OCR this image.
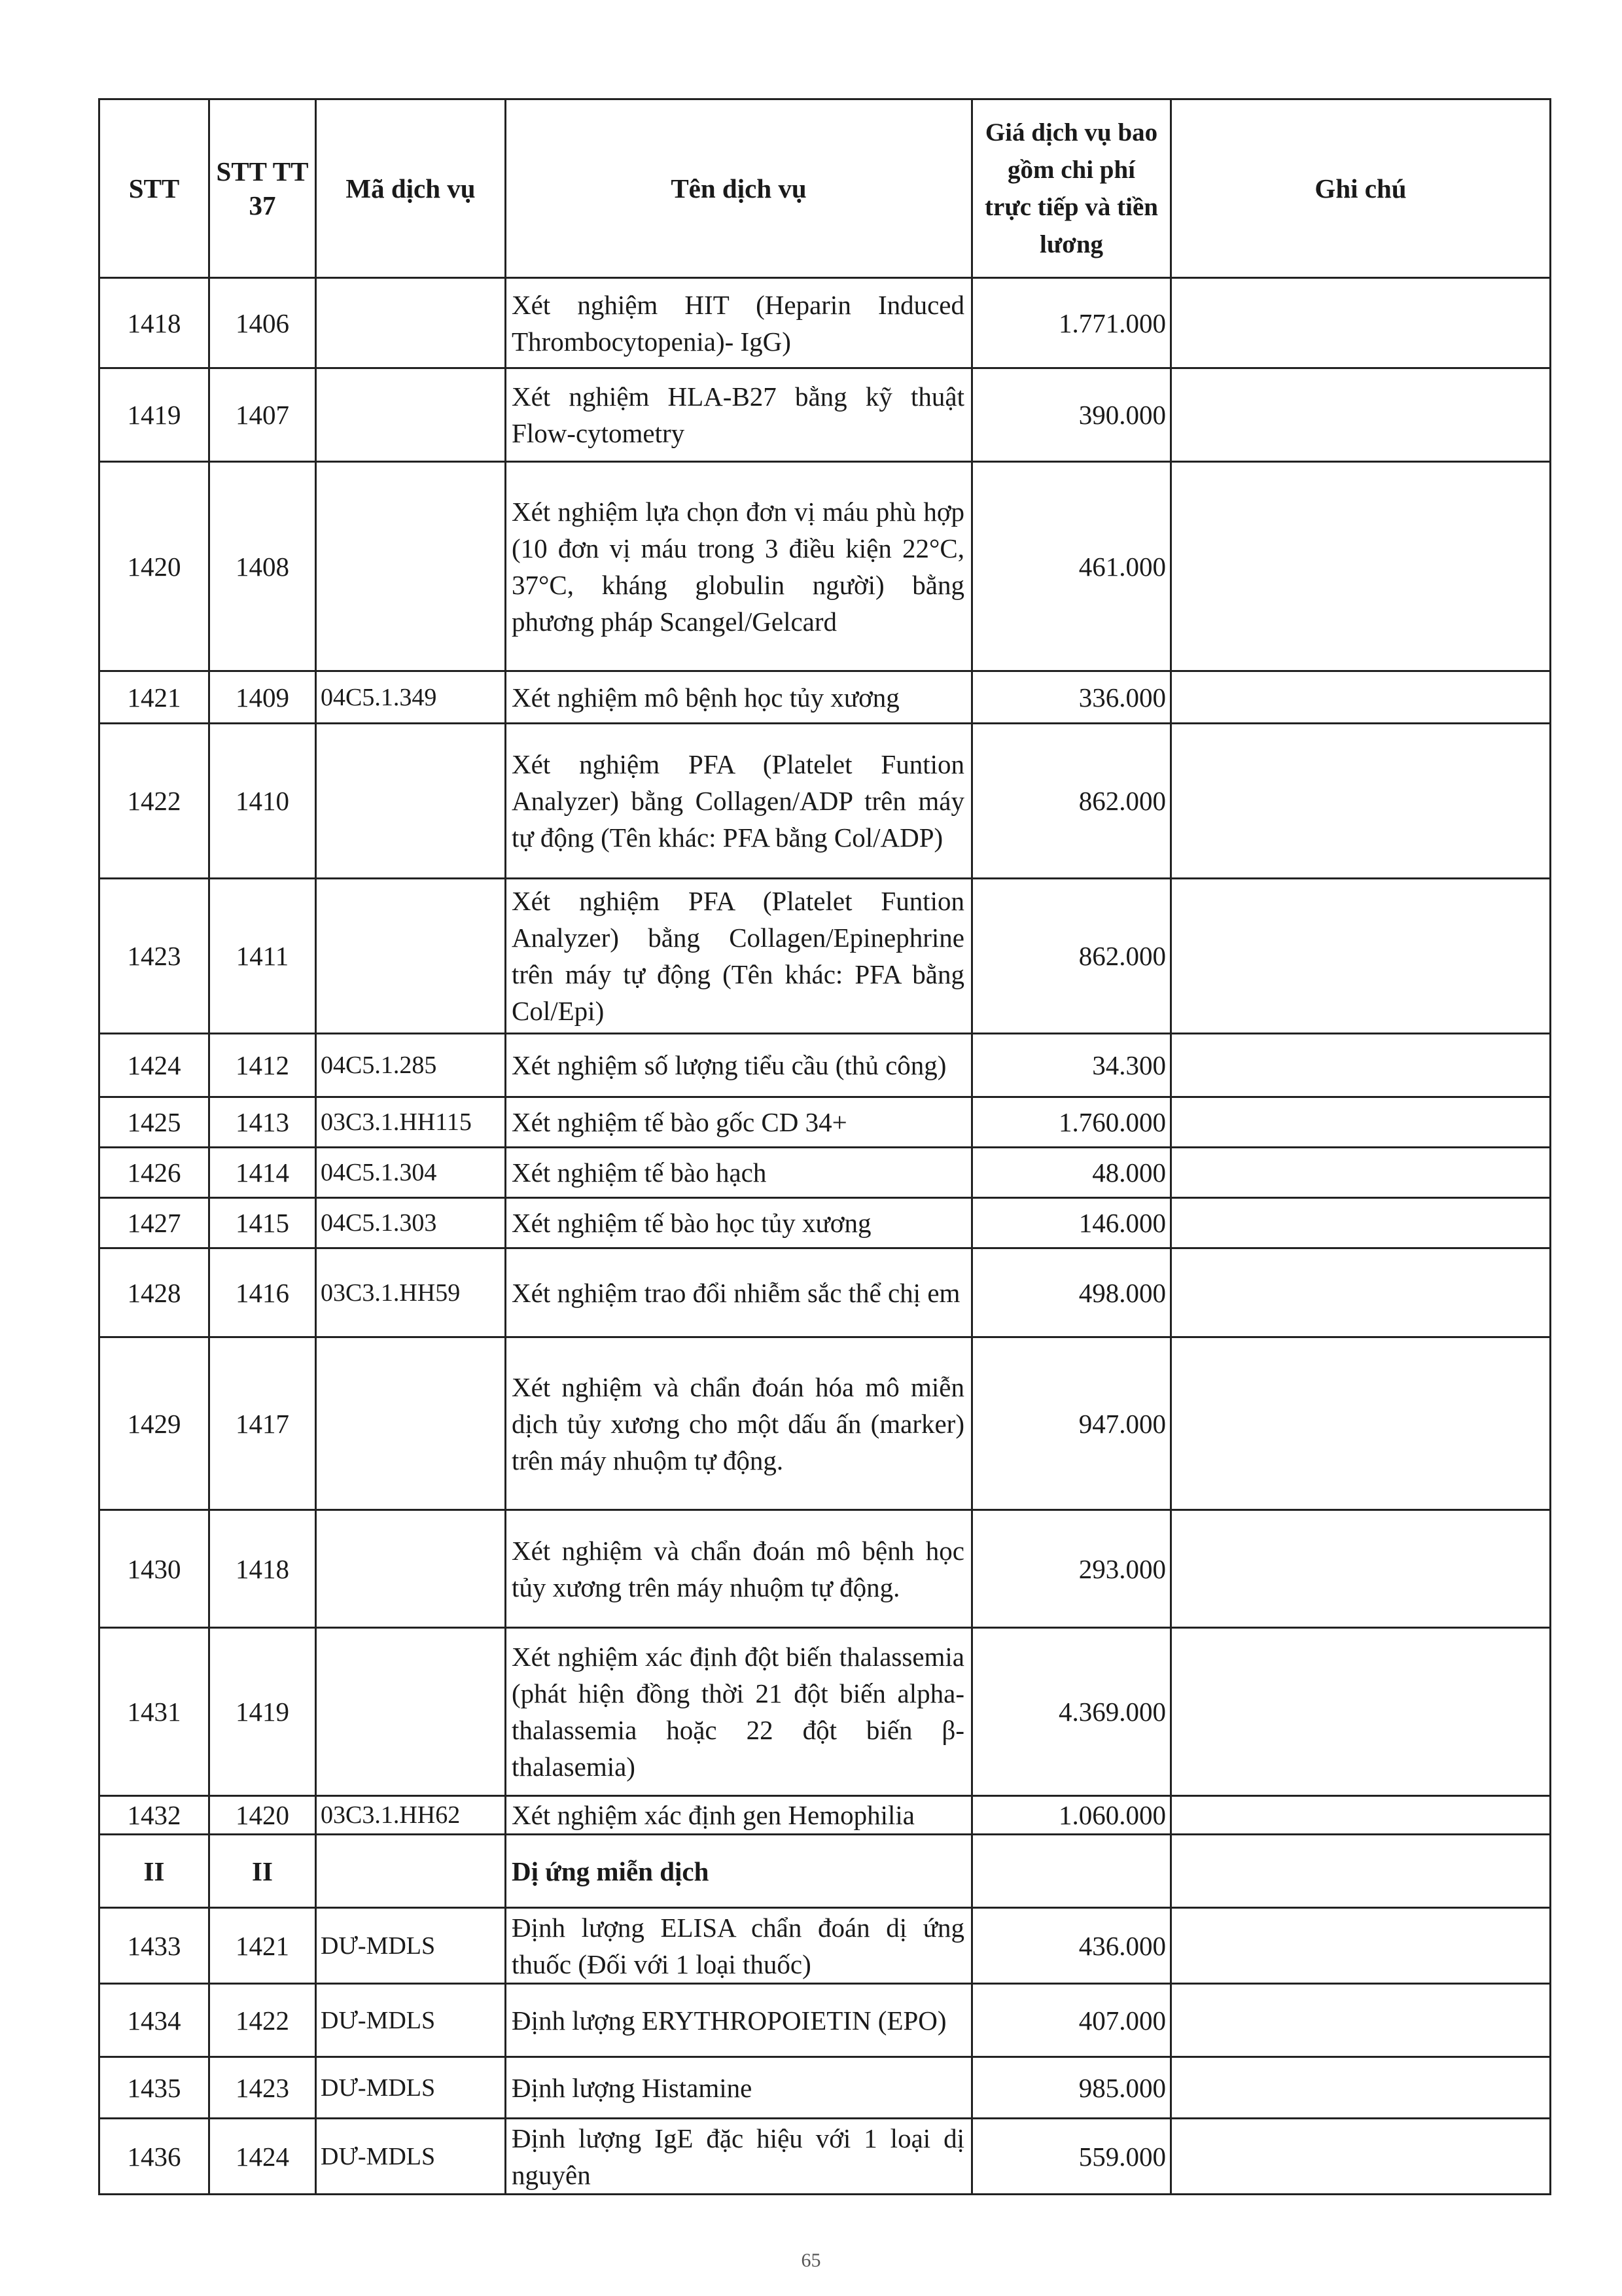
STT	STT TT 37	Mã dịch vụ	Tên dịch vụ	Giá dịch vụ bao gồm chi phí trực tiếp và tiền lương	Ghi chú
1418	1406		Xét nghiệm HIT (Heparin Induced Thrombocytopenia)- IgG)	1.771.000	
1419	1407		Xét nghiệm HLA-B27 bằng kỹ thuật Flow-cytometry	390.000	
1420	1408		Xét nghiệm lựa chọn đơn vị máu phù hợp (10 đơn vị máu trong 3 điều kiện 22°C, 37°C, kháng globulin người) bằng phương pháp Scangel/Gelcard	461.000	
1421	1409	04C5.1.349	Xét nghiệm mô bệnh học tủy xương	336.000	
1422	1410		Xét nghiệm PFA (Platelet Funtion Analyzer) bằng Collagen/ADP trên máy tự động (Tên khác: PFA bằng Col/ADP)	862.000	
1423	1411		Xét nghiệm PFA (Platelet Funtion Analyzer) bằng Collagen/Epinephrine trên máy tự động (Tên khác: PFA bằng Col/Epi)	862.000	
1424	1412	04C5.1.285	Xét nghiệm số lượng tiểu cầu (thủ công)	34.300	
1425	1413	03C3.1.HH115	Xét nghiệm tế bào gốc CD 34+	1.760.000	
1426	1414	04C5.1.304	Xét nghiệm tế bào hạch	48.000	
1427	1415	04C5.1.303	Xét nghiệm tế bào học tủy xương	146.000	
1428	1416	03C3.1.HH59	Xét nghiệm trao đổi nhiễm sắc thể chị em	498.000	
1429	1417		Xét nghiệm và chẩn đoán hóa mô miễn dịch tủy xương cho một dấu ấn (marker) trên máy nhuộm tự động.	947.000	
1430	1418		Xét nghiệm và chẩn đoán mô bệnh học tủy xương trên máy nhuộm tự động.	293.000	
1431	1419		Xét nghiệm xác định đột biến thalassemia (phát hiện đồng thời 21 đột biến alpha-thalassemia hoặc 22 đột biến β-thalasemia)	4.369.000	
1432	1420	03C3.1.HH62	Xét nghiệm xác định gen Hemophilia	1.060.000	
II	II		Dị ứng miễn dịch		
1433	1421	DƯ-MDLS	Định lượng ELISA chẩn đoán dị ứng thuốc (Đối với 1 loại thuốc)	436.000	
1434	1422	DƯ-MDLS	Định lượng ERYTHROPOIETIN (EPO)	407.000	
1435	1423	DƯ-MDLS	Định lượng Histamine	985.000	
1436	1424	DƯ-MDLS	Định lượng IgE đặc hiệu với 1 loại dị nguyên	559.000	
65
